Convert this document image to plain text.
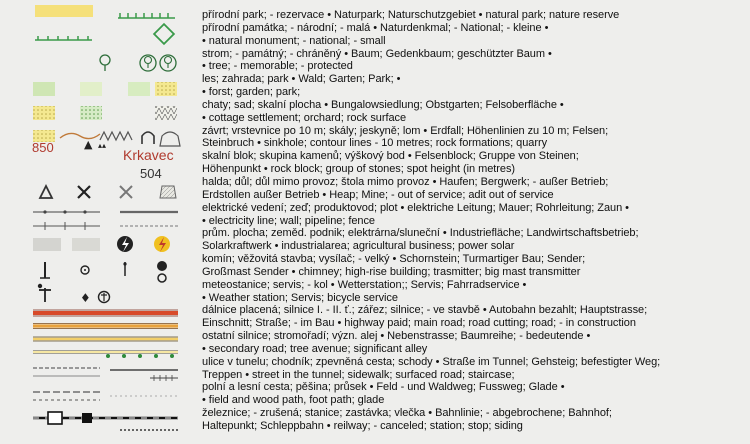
850	▲ ▴▴
Krkavec
504
♦
přírodní park; - rezervace • Naturpark; Naturschutzgebiet • natural park; nature reserve
přírodní památka; - národní; - malá • Naturdenkmal; - National; - kleine •
• natural monument; - national; - small
strom; - památný; - chráněný • Baum; Gedenkbaum; geschützter Baum •
• tree; - memorable; - protected
les; zahrada; park • Wald; Garten; Park; •
• forst; garden; park;
chaty; sad; skalní plocha • Bungalowsiedlung; Obstgarten; Felsoberfläche •
• cottage settlement; orchard; rock surface
závrt; vrstevnice po 10 m; skály; jeskyně; lom • Erdfall; Höhenlinien zu 10 m; Felsen;
Steinbruch • sinkhole; contour lines - 10 metres; rock formations; quarry
skalní blok; skupina kamenů; výškový bod • Felsenblock; Gruppe von Steinen;
Höhenpunkt • rock block; group of stones; spot height (in metres)
halda; důl; důl mimo provoz; štola mimo provoz • Haufen; Bergwerk; - außer Betrieb;
Erdstollen außer Betrieb • Heap; Mine; - out of service; adit out of service
elektrické vedení; zeď; produktovod; plot • elektriche Leitung; Mauer; Rohrleitung; Zaun •
• electricity line; wall; pipeline; fence
prům. plocha; zeměd. podnik; elektrárna/sluneční • Industriefläche; Landwirtschaftsbetrieb;
Solarkraftwerk • industrialarea; agricultural business; power solar
komín; věžovitá stavba; vysílač; - velký • Schornstein; Turmartiger Bau; Sender;
Großmast Sender • chimney; high-rise building; trasmitter; big mast transmitter
meteostanice; servis; - kol • Wetterstation;; Servis; Fahrradservice •
• Weather station; Servis; bicycle service
dálnice placená; silnice I. - II. ť.; zářez; silnice; - ve stavbě • Autobahn bezahlt; Hauptstrasse;
Einschnitt; Straße; - im Bau • highway paid; main road; road cutting; road; - in construction
ostatní silnice; stromořadí; význ. alej • Nebenstrasse; Baumreihe; - bedeutende •
• secondary road; tree avenue; significant alley
ulice v tunelu; chodník; zpevněná cesta; schody • Straße im Tunnel; Gehsteig; befestigter Weg;
Treppen • street in the tunnel; sidewalk; surfaced road; staircase;
polní a lesní cesta; pěšina; průsek • Feld - und Waldweg; Fussweg; Glade •
• field and wood path, foot path; glade
železnice; - zrušená; stanice; zastávka; vlečka • Bahnlinie; - abgebrochene; Bahnhof;
Haltepunkt; Schleppbahn • reilway; - canceled; station; stop; siding
